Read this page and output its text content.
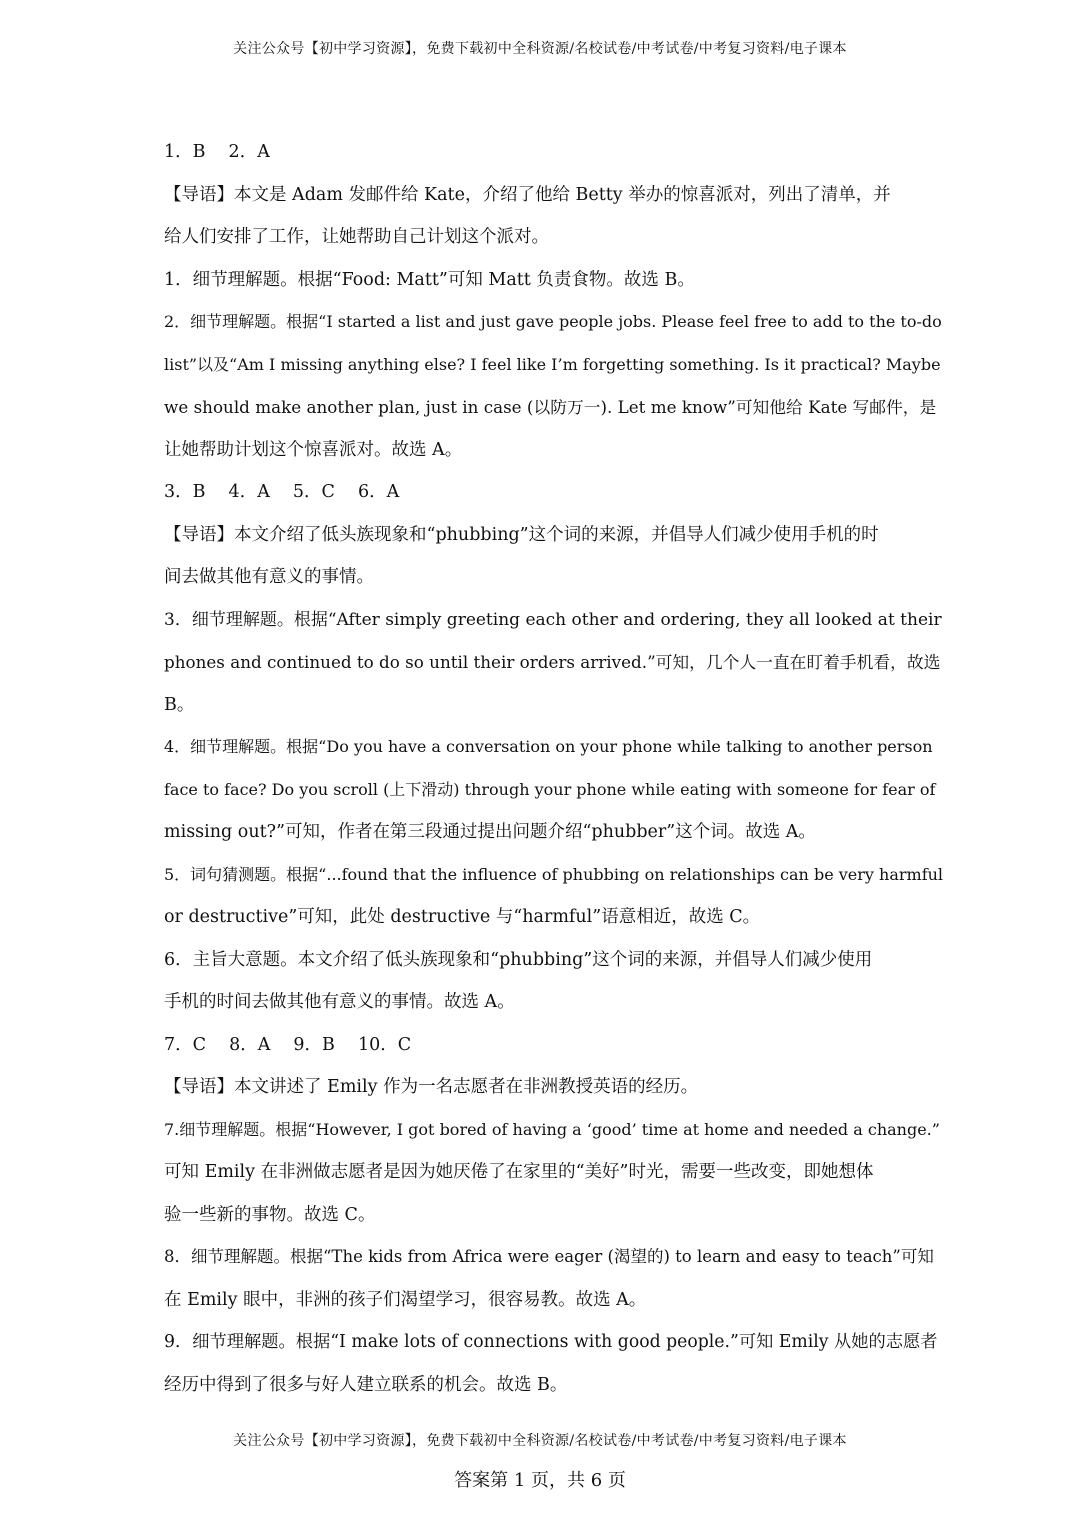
关注公众号【初中学习资源】，免费下载初中全科资源/名校试卷/中考试卷/中考复习资料/电子课本
1．B　 2．A
【导语】本文是 Adam 发邮件给 Kate，介绍了他给 Betty 举办的惊喜派对，列出了清单，并
给人们安排了工作，让她帮助自己计划这个派对。
1．细节理解题。根据“Food: Matt”可知 Matt 负责食物。故选 B。
2．细节理解题。根据“I started a list and just gave people jobs. Please feel free to add to the to-do
list”以及“Am I missing anything else? I feel like I’m forgetting something. Is it practical? Maybe
we should make another plan, just in case (以防万一). Let me know”可知他给 Kate 写邮件，是
让她帮助计划这个惊喜派对。故选 A。
3．B　 4．A　 5．C　 6．A
【导语】本文介绍了低头族现象和“phubbing”这个词的来源，并倡导人们减少使用手机的时
间去做其他有意义的事情。
3．细节理解题。根据“After simply greeting each other and ordering, they all looked at their
phones and continued to do so until their orders arrived.”可知，几个人一直在盯着手机看，故选
B。
4．细节理解题。根据“Do you have a conversation on your phone while talking to another person
face to face? Do you scroll (上下滑动) through your phone while eating with someone for fear of
missing out?”可知，作者在第三段通过提出问题介绍“phubber”这个词。故选 A。
5．词句猜测题。根据“...found that the influence of phubbing on relationships can be very harmful
or destructive”可知，此处 destructive 与“harmful”语意相近，故选 C。
6．主旨大意题。本文介绍了低头族现象和“phubbing”这个词的来源，并倡导人们减少使用
手机的时间去做其他有意义的事情。故选 A。
7．C　 8．A　 9．B　 10．C
【导语】本文讲述了 Emily 作为一名志愿者在非洲教授英语的经历。
7.细节理解题。根据“However, I got bored of having a ‘good’ time at home and needed a change.”
可知 Emily 在非洲做志愿者是因为她厌倦了在家里的“美好”时光，需要一些改变，即她想体
验一些新的事物。故选 C。
8．细节理解题。根据“The kids from Africa were eager (渴望的) to learn and easy to teach”可知
在 Emily 眼中，非洲的孩子们渴望学习，很容易教。故选 A。
9．细节理解题。根据“I make lots of connections with good people.”可知 Emily 从她的志愿者
经历中得到了很多与好人建立联系的机会。故选 B。
关注公众号【初中学习资源】，免费下载初中全科资源/名校试卷/中考试卷/中考复习资料/电子课本
答案第 1 页，共 6 页
